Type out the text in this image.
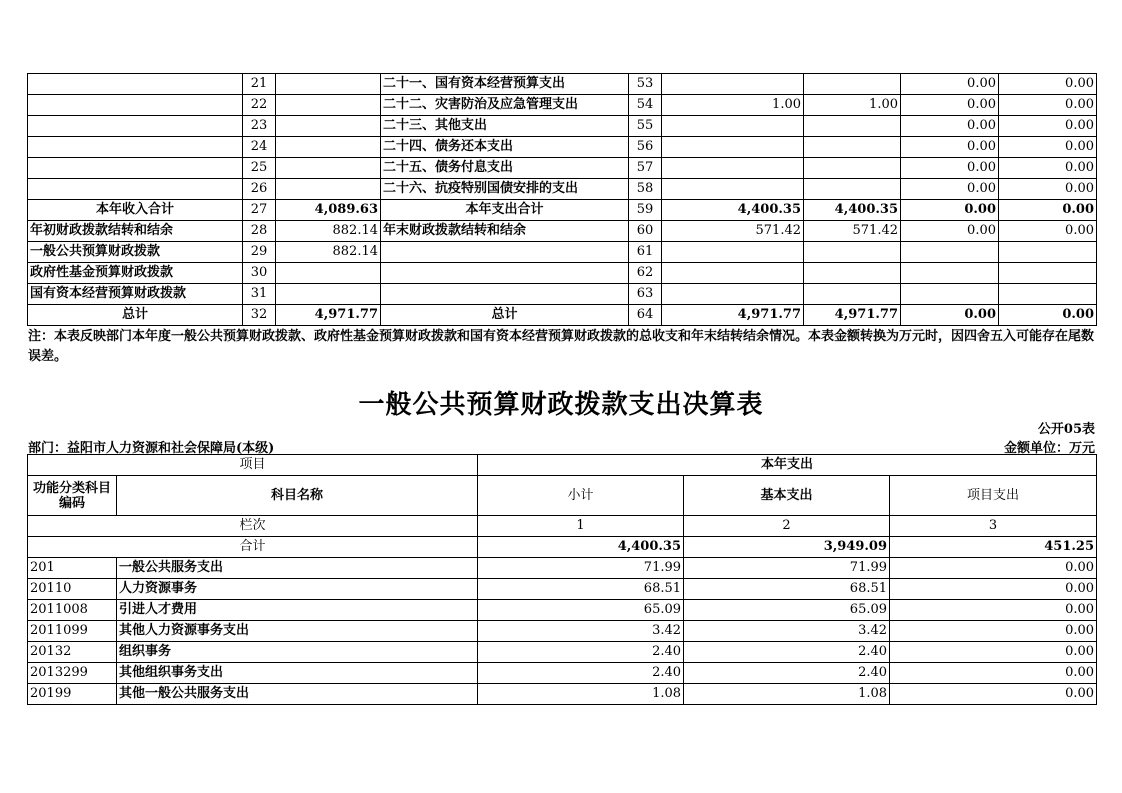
	21		二十一、国有资本经营预算支出	53			0.00	0.00
	22		二十二、灾害防治及应急管理支出	54	1.00	1.00	0.00	0.00
	23		二十三、其他支出	55			0.00	0.00
	24		二十四、债务还本支出	56			0.00	0.00
	25		二十五、债务付息支出	57			0.00	0.00
	26		二十六、抗疫特别国债安排的支出	58			0.00	0.00
本年收入合计	27	4,089.63	本年支出合计	59	4,400.35	4,400.35	0.00	0.00
年初财政拨款结转和结余	28	882.14	年末财政拨款结转和结余	60	571.42	571.42	0.00	0.00
一般公共预算财政拨款	29	882.14		61				
政府性基金预算财政拨款	30			62				
国有资本经营预算财政拨款	31			63				
总计	32	4,971.77	总计	64	4,971.77	4,971.77	0.00	0.00
注：本表反映部门本年度一般公共预算财政拨款、政府性基金预算财政拨款和国有资本经营预算财政拨款的总收支和年末结转结余情况。本表金额转换为万元时，因四舍五入可能存在尾数误差。
一般公共预算财政拨款支出决算表
公开05表
部门：益阳市人力资源和社会保障局(本级)	金额单位：万元
项目		本年支出		
功能分类科目编码	科目名称	小计	基本支出	项目支出
栏次		1	2	3
合计		4,400.35	3,949.09	451.25
201	一般公共服务支出	71.99	71.99	0.00
20110	人力资源事务	68.51	68.51	0.00
2011008	引进人才费用	65.09	65.09	0.00
2011099	其他人力资源事务支出	3.42	3.42	0.00
20132	组织事务	2.40	2.40	0.00
2013299	其他组织事务支出	2.40	2.40	0.00
20199	其他一般公共服务支出	1.08	1.08	0.00
